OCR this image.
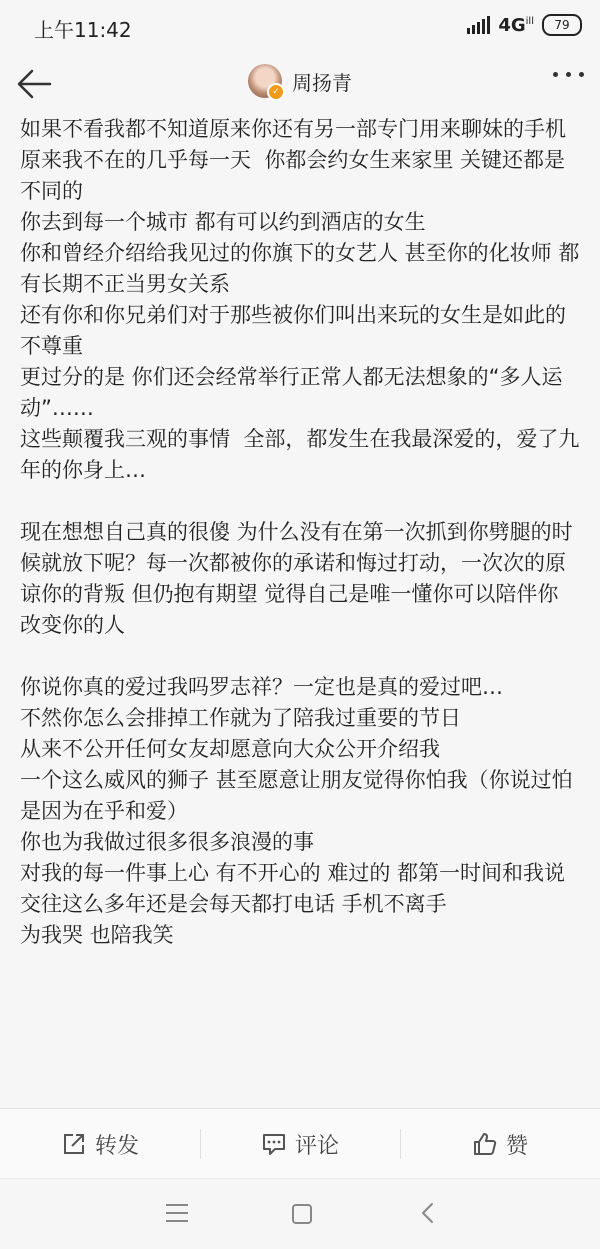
上午11:42	$4G^{ill}$	79
✓ 周扬青

如果不看我都不知道原来你还有另一部专门用来聊妹的手机
原来我不在的几乎每一天  你都会约女生来家里 关键还都是不同的
你去到每一个城市 都有可以约到酒店的女生
你和曾经介绍给我见过的你旗下的女艺人 甚至你的化妆师 都有长期不正当男女关系
还有你和你兄弟们对于那些被你们叫出来玩的女生是如此的不尊重
更过分的是 你们还会经常举行正常人都无法想象的“多人运动”……
这些颠覆我三观的事情  全部，都发生在我最深爱的，爱了九年的你身上…

现在想想自己真的很傻 为什么没有在第一次抓到你劈腿的时候就放下呢？每一次都被你的承诺和悔过打动，一次次的原谅你的背叛 但仍抱有期望 觉得自己是唯一懂你可以陪伴你 改变你的人

你说你真的爱过我吗罗志祥？一定也是真的爱过吧…
不然你怎么会排掉工作就为了陪我过重要的节日
从来不公开任何女友却愿意向大众公开介绍我
一个这么威风的狮子 甚至愿意让朋友觉得你怕我（你说过怕是因为在乎和爱）
你也为我做过很多很多浪漫的事
对我的每一件事上心 有不开心的 难过的 都第一时间和我说
交往这么多年还是会每天都打电话 手机不离手
为我哭 也陪我笑

转发	评论	赞
